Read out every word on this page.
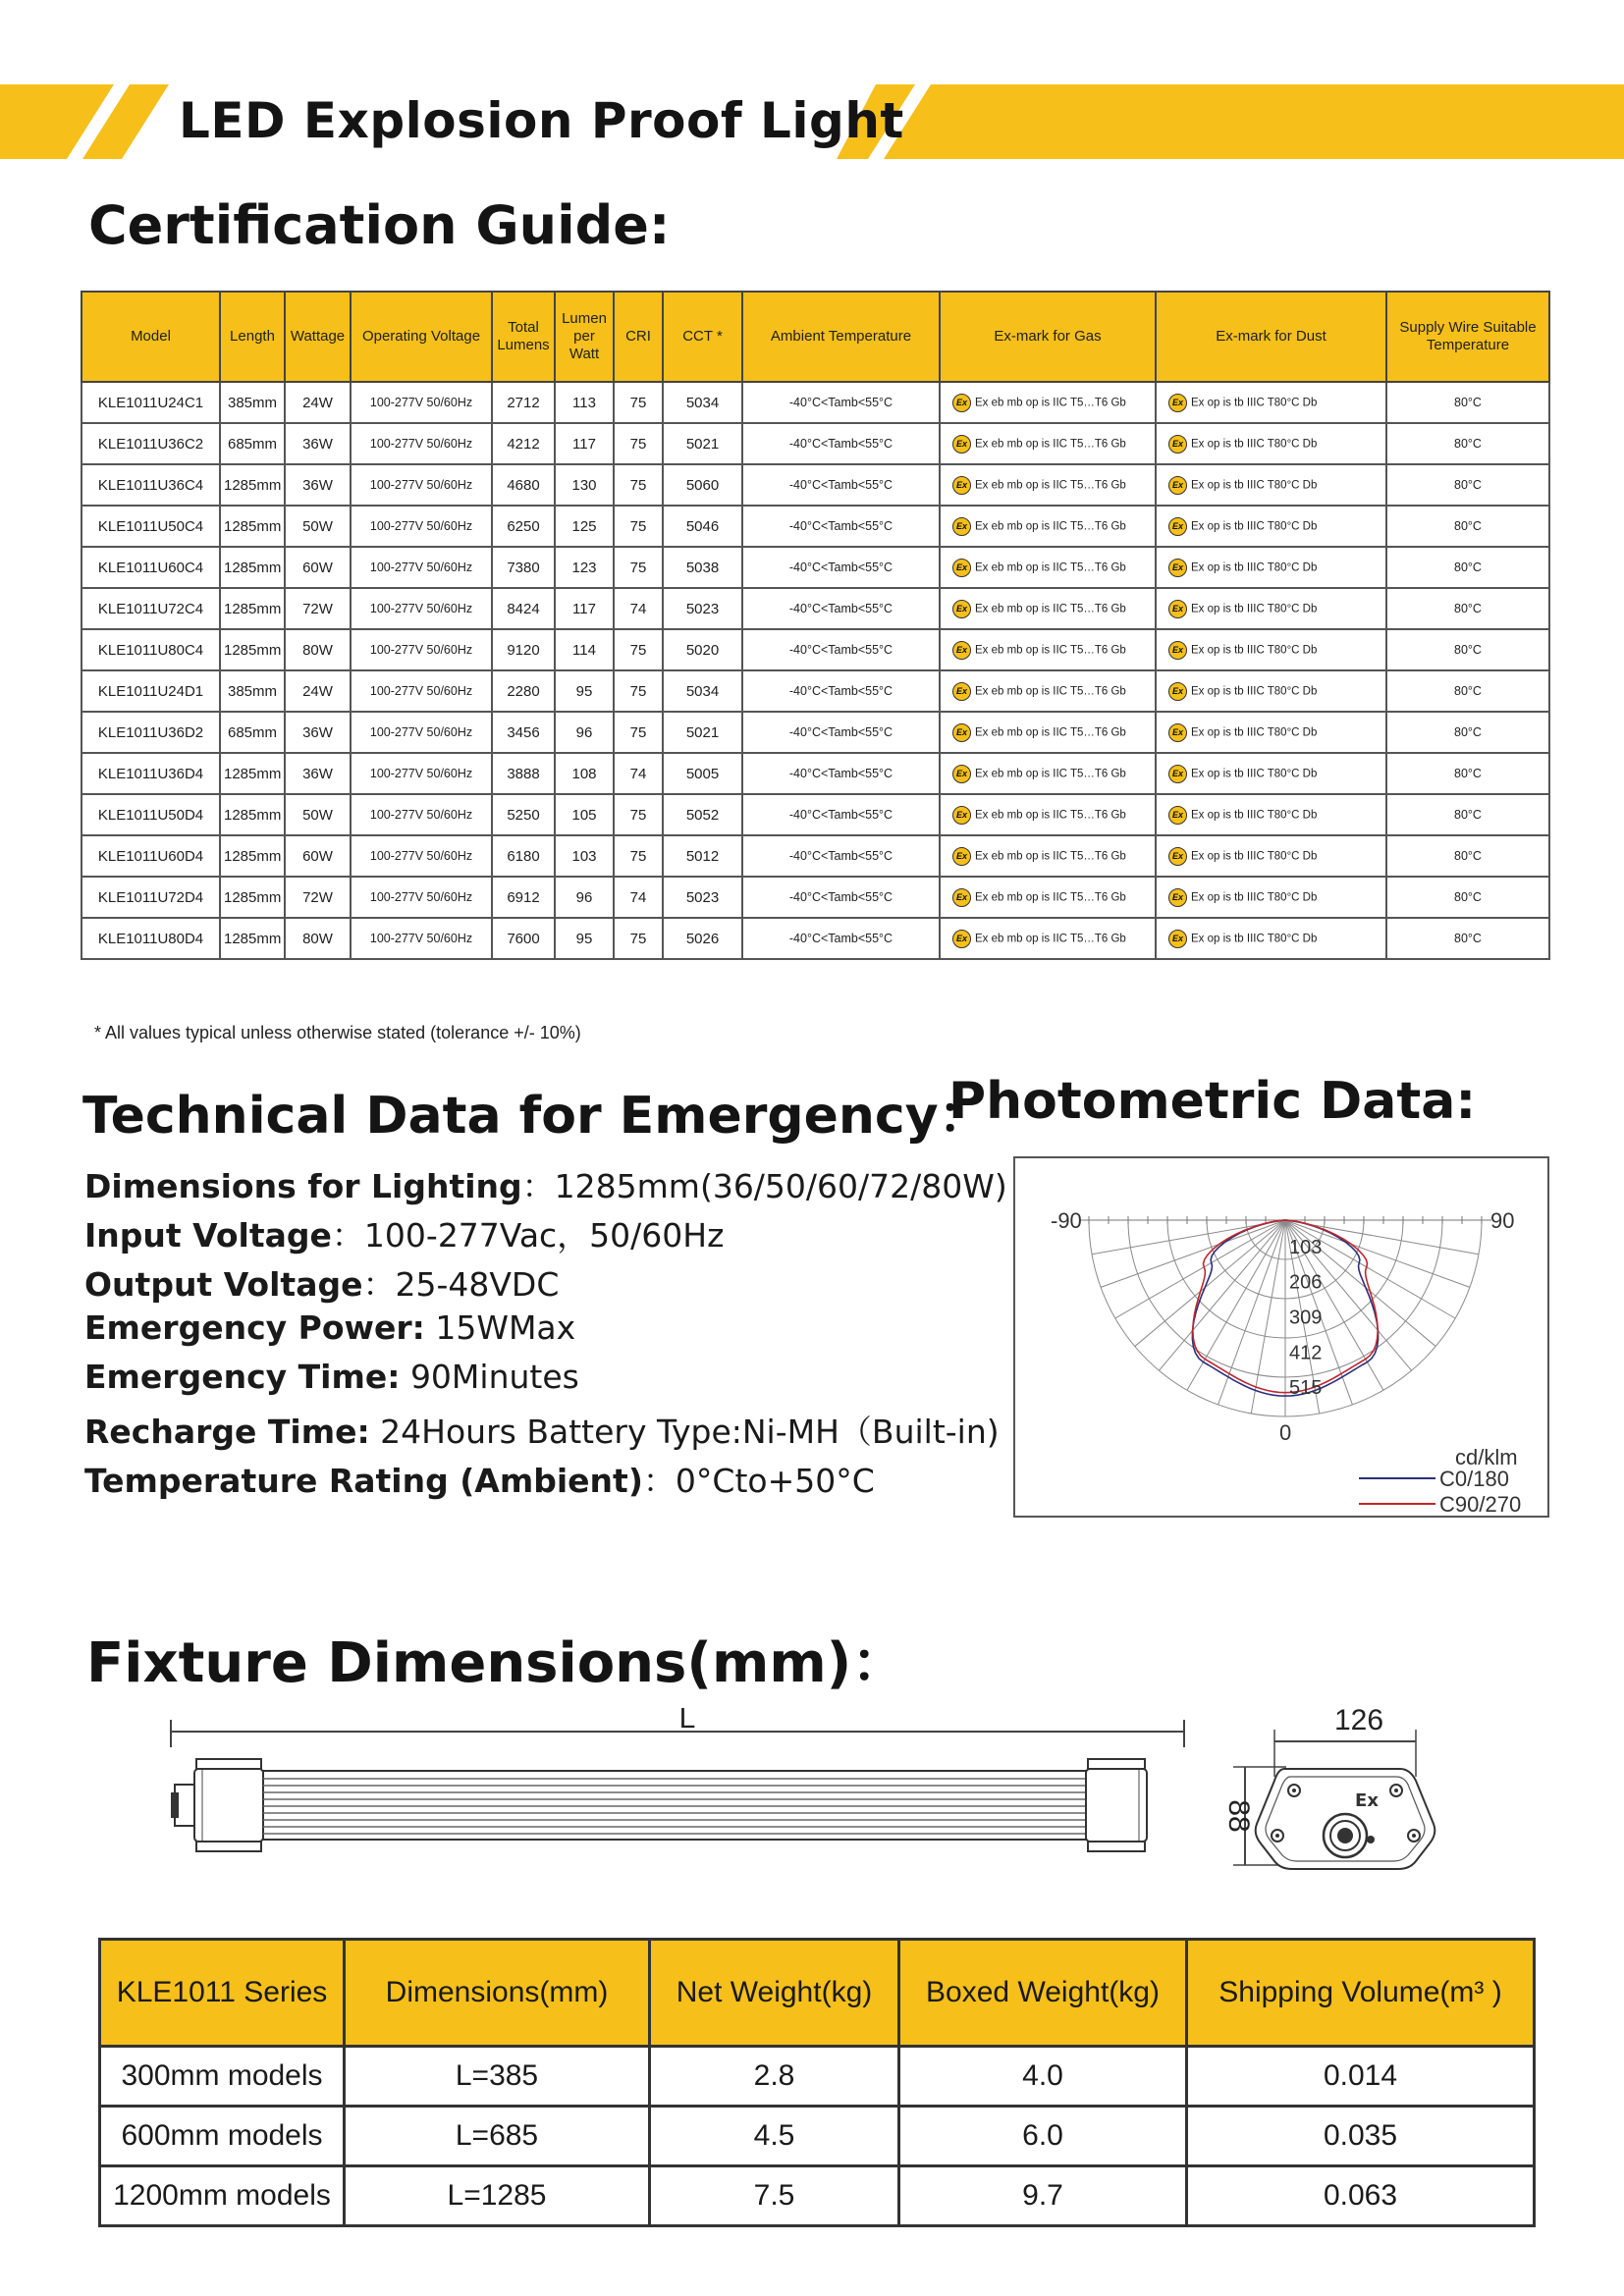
LED Explosion Proof Light
Certification Guide:
Model	Length	Wattage	Operating Voltage	Total Lumens	Lumen per Watt	CRI	CCT *	Ambient Temperature	Ex-mark for Gas	Ex-mark for Dust	Supply Wire Suitable Temperature
KLE1011U24C1	385mm	24W	100-277V 50/60Hz	2712	113	75	5034	-40°C<Tamb<55°C	Ex Ex eb mb op is IIC T5…T6 Gb	Ex Ex op is tb IIIC T80°C Db	80°C
KLE1011U36C2	685mm	36W	100-277V 50/60Hz	4212	117	75	5021	-40°C<Tamb<55°C	Ex Ex eb mb op is IIC T5…T6 Gb	Ex Ex op is tb IIIC T80°C Db	80°C
KLE1011U36C4	1285mm	36W	100-277V 50/60Hz	4680	130	75	5060	-40°C<Tamb<55°C	Ex Ex eb mb op is IIC T5…T6 Gb	Ex Ex op is tb IIIC T80°C Db	80°C
KLE1011U50C4	1285mm	50W	100-277V 50/60Hz	6250	125	75	5046	-40°C<Tamb<55°C	Ex Ex eb mb op is IIC T5…T6 Gb	Ex Ex op is tb IIIC T80°C Db	80°C
KLE1011U60C4	1285mm	60W	100-277V 50/60Hz	7380	123	75	5038	-40°C<Tamb<55°C	Ex Ex eb mb op is IIC T5…T6 Gb	Ex Ex op is tb IIIC T80°C Db	80°C
KLE1011U72C4	1285mm	72W	100-277V 50/60Hz	8424	117	74	5023	-40°C<Tamb<55°C	Ex Ex eb mb op is IIC T5…T6 Gb	Ex Ex op is tb IIIC T80°C Db	80°C
KLE1011U80C4	1285mm	80W	100-277V 50/60Hz	9120	114	75	5020	-40°C<Tamb<55°C	Ex Ex eb mb op is IIC T5…T6 Gb	Ex Ex op is tb IIIC T80°C Db	80°C
KLE1011U24D1	385mm	24W	100-277V 50/60Hz	2280	95	75	5034	-40°C<Tamb<55°C	Ex Ex eb mb op is IIC T5…T6 Gb	Ex Ex op is tb IIIC T80°C Db	80°C
KLE1011U36D2	685mm	36W	100-277V 50/60Hz	3456	96	75	5021	-40°C<Tamb<55°C	Ex Ex eb mb op is IIC T5…T6 Gb	Ex Ex op is tb IIIC T80°C Db	80°C
KLE1011U36D4	1285mm	36W	100-277V 50/60Hz	3888	108	74	5005	-40°C<Tamb<55°C	Ex Ex eb mb op is IIC T5…T6 Gb	Ex Ex op is tb IIIC T80°C Db	80°C
KLE1011U50D4	1285mm	50W	100-277V 50/60Hz	5250	105	75	5052	-40°C<Tamb<55°C	Ex Ex eb mb op is IIC T5…T6 Gb	Ex Ex op is tb IIIC T80°C Db	80°C
KLE1011U60D4	1285mm	60W	100-277V 50/60Hz	6180	103	75	5012	-40°C<Tamb<55°C	Ex Ex eb mb op is IIC T5…T6 Gb	Ex Ex op is tb IIIC T80°C Db	80°C
KLE1011U72D4	1285mm	72W	100-277V 50/60Hz	6912	96	74	5023	-40°C<Tamb<55°C	Ex Ex eb mb op is IIC T5…T6 Gb	Ex Ex op is tb IIIC T80°C Db	80°C
KLE1011U80D4	1285mm	80W	100-277V 50/60Hz	7600	95	75	5026	-40°C<Tamb<55°C	Ex Ex eb mb op is IIC T5…T6 Gb	Ex Ex op is tb IIIC T80°C Db	80°C
* All values typical unless otherwise stated (tolerance +/- 10%)
Technical Data for Emergency：
Dimensions for Lighting：1285mm(36/50/60/72/80W)
Input Voltage：100-277Vac，50/60Hz
Output Voltage：25-48VDC
Emergency Power: 15WMax
Emergency Time: 90Minutes
Recharge Time: 24Hours Battery Type:Ni-MH（Built-in)
Temperature Rating (Ambient)：0°Cto+50°C
Photometric Data:
103
206
309
412
515
-90	90
0
cd/klm
C0/180
C90/270
Fixture Dimensions(mm)：
L	126
88	Ex
KLE1011 Series	Dimensions(mm)	Net Weight(kg)	Boxed Weight(kg)	Shipping Volume(m³ )
300mm models	L=385	2.8	4.0	0.014
600mm models	L=685	4.5	6.0	0.035
1200mm models	L=1285	7.5	9.7	0.063
